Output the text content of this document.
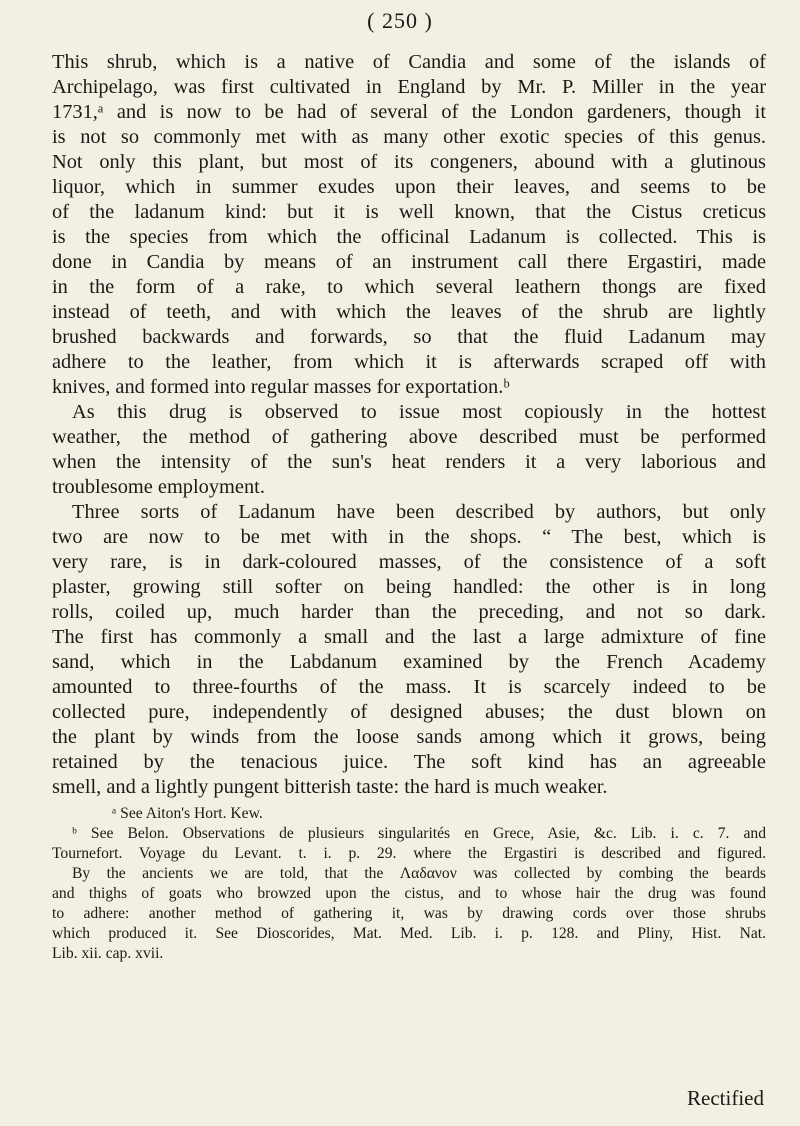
( 250 )
This shrub, which is a native of Candia and some of the islands of
Archipelago, was first cultivated in England by Mr. P. Miller in the year
1731,ᵃ and is now to be had of several of the London gardeners, though it
is not so commonly met with as many other exotic species of this genus.
Not only this plant, but most of its congeners, abound with a glutinous
liquor, which in summer exudes upon their leaves, and seems to be
of the ladanum kind: but it is well known, that the Cistus creticus
is the species from which the officinal Ladanum is collected. This is
done in Candia by means of an instrument call there Ergastiri, made
in the form of a rake, to which several leathern thongs are fixed
instead of teeth, and with which the leaves of the shrub are lightly
brushed backwards and forwards, so that the fluid Ladanum may
adhere to the leather, from which it is afterwards scraped off with
knives, and formed into regular masses for exportation.ᵇ
As this drug is observed to issue most copiously in the hottest
weather, the method of gathering above described must be performed
when the intensity of the sun's heat renders it a very laborious and
troublesome employment.
Three sorts of Ladanum have been described by authors, but only
two are now to be met with in the shops. “ The best, which is
very rare, is in dark-coloured masses, of the consistence of a soft
plaster, growing still softer on being handled: the other is in long
rolls, coiled up, much harder than the preceding, and not so dark.
The first has commonly a small and the last a large admixture of fine
sand, which in the Labdanum examined by the French Academy
amounted to three-fourths of the mass. It is scarcely indeed to be
collected pure, independently of designed abuses; the dust blown on
the plant by winds from the loose sands among which it grows, being
retained by the tenacious juice. The soft kind has an agreeable
smell, and a lightly pungent bitterish taste: the hard is much weaker.
ᵃ See Aiton's Hort. Kew.
ᵇ See Belon. Observations de plusieurs singularités en Grece, Asie, &c. Lib. i. c. 7. and
Tournefort. Voyage du Levant. t. i. p. 29. where the Ergastiri is described and figured.
By the ancients we are told, that the Λαδανον was collected by combing the beards
and thighs of goats who browzed upon the cistus, and to whose hair the drug was found
to adhere: another method of gathering it, was by drawing cords over those shrubs
which produced it. See Dioscorides, Mat. Med. Lib. i. p. 128. and Pliny, Hist. Nat.
Lib. xii. cap. xvii.
Rectified
